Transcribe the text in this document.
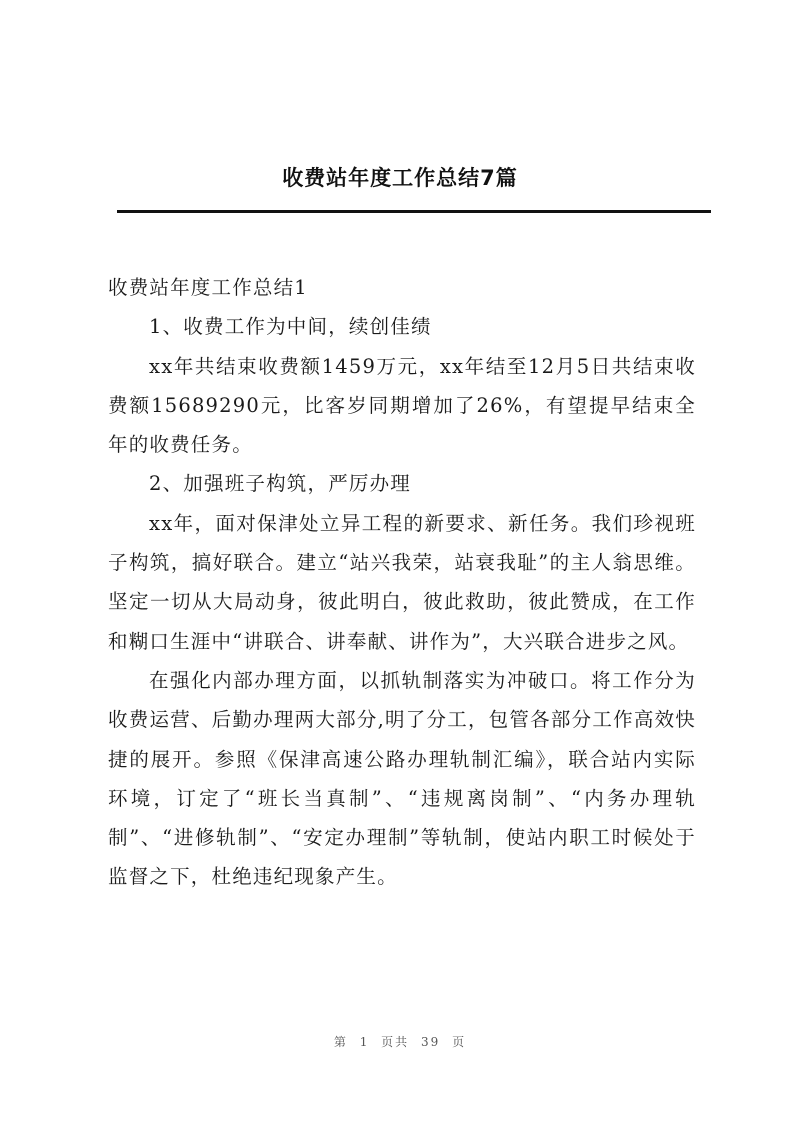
收费站年度工作总结7篇

收费站年度工作总结1

1、收费工作为中间，续创佳绩

xx年共结束收费额1459万元，xx年结至12月5日共结束收费额15689290元，比客岁同期增加了26%，有望提早结束全年的收费任务。

2、加强班子构筑，严厉办理

xx年，面对保津处立异工程的新要求、新任务。我们珍视班子构筑，搞好联合。建立“站兴我荣，站衰我耻”的主人翁思维。坚定一切从大局动身，彼此明白，彼此救助，彼此赞成，在工作和糊口生涯中“讲联合、讲奉献、讲作为”，大兴联合进步之风。

在强化内部办理方面，以抓轨制落实为冲破口。将工作分为收费运营、后勤办理两大部分,明了分工，包管各部分工作高效快捷的展开。参照《保津高速公路办理轨制汇编》，联合站内实际环境，订定了“班长当真制”、“违规离岗制”、“内务办理轨制”、“进修轨制”、“安定办理制”等轨制，使站内职工时候处于监督之下，杜绝违纪现象产生。

第 1 页共 39 页
